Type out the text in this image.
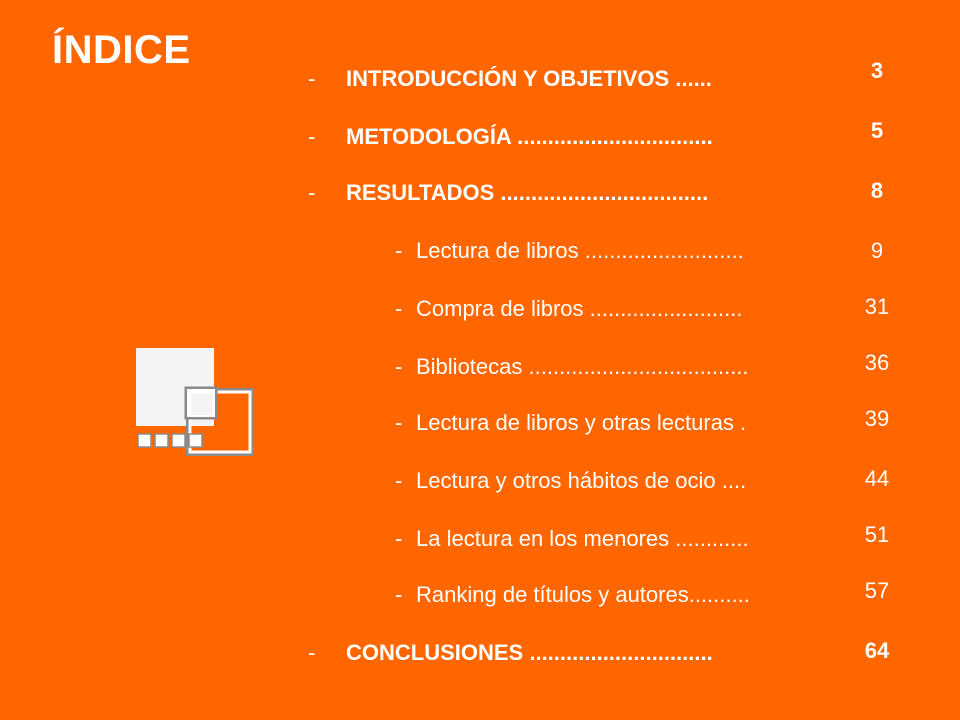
ÍNDICE
- INTRODUCCIÓN Y OBJETIVOS ......	3
- METODOLOGÍA ................................	5
- RESULTADOS ..................................	8
- Lectura de libros ..........................	9
- Compra de libros .........................	31
- Bibliotecas ....................................	36
- Lectura de libros y otras lecturas .	39
- Lectura y otros hábitos de ocio ....	44
- La lectura en los menores ............	51
- Ranking de títulos y autores..........	57
- CONCLUSIONES ..............................	64
